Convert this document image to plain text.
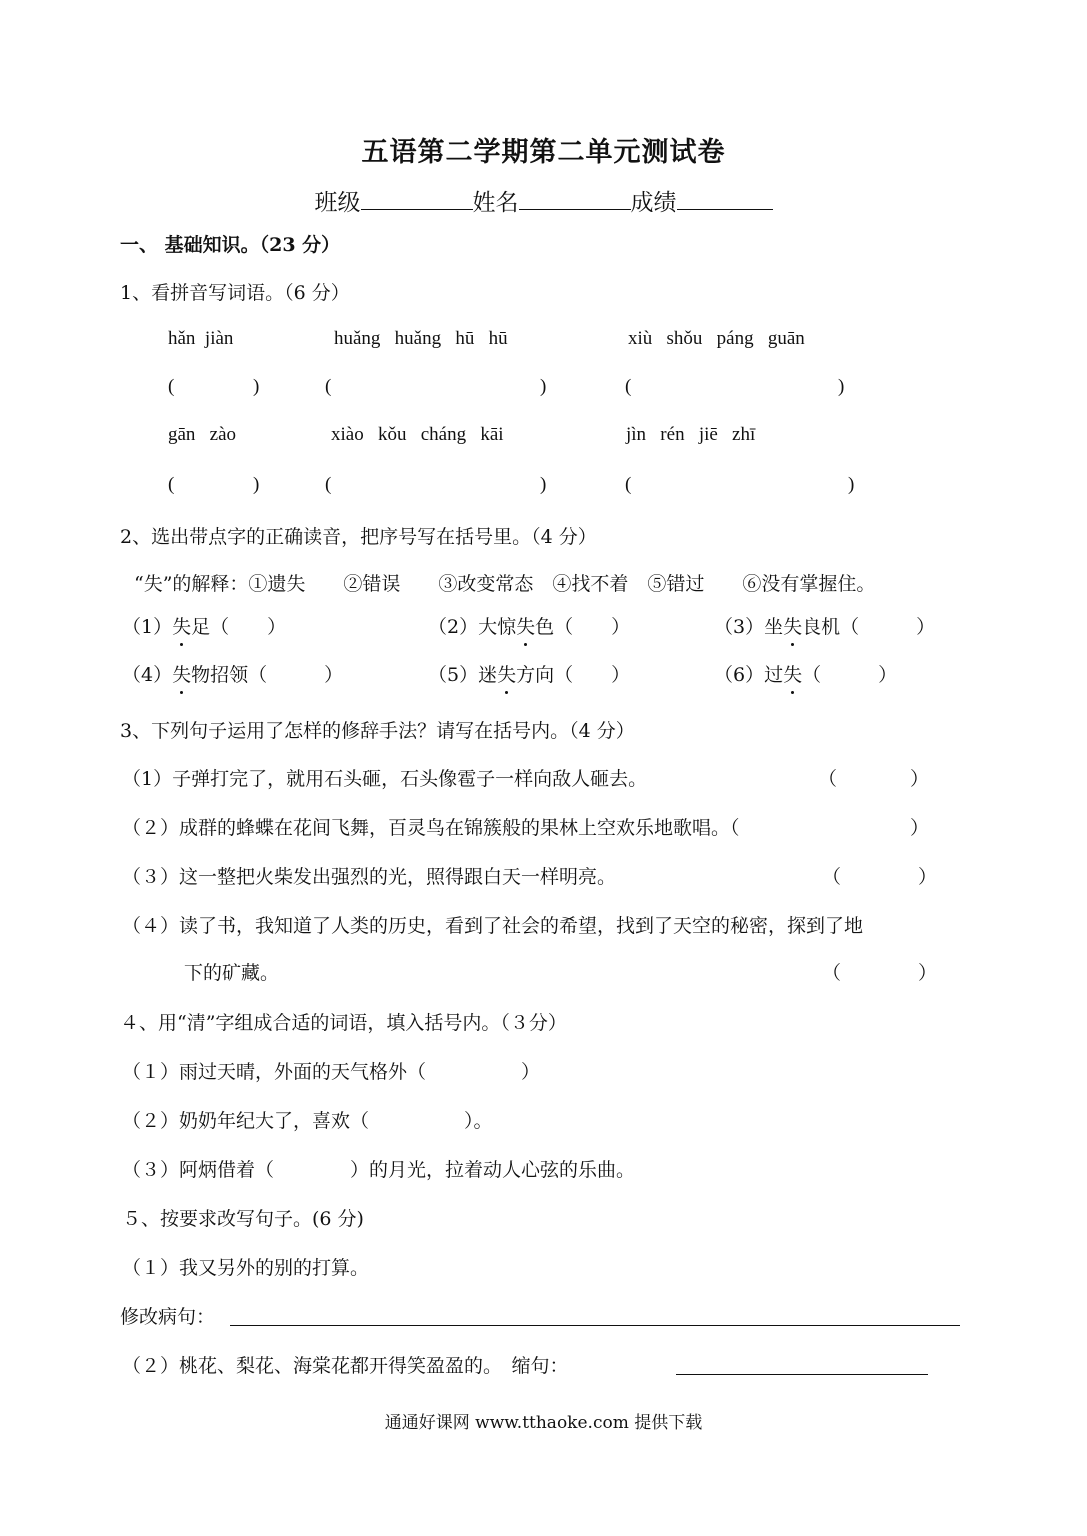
五语第二学期第二单元测试卷
班级	姓名	成绩
一、 基础知识。（23 分）
1、看拼音写词语。（6 分）
hǎn  jiàn	huǎng   huǎng   hū   hū	xiù   shǒu   páng   guān
(	)	(	)	(	)
gān   zào	xiào   kǒu   cháng   kāi	jìn   rén   jiē   zhī
(	)	(	)	(	)
2、选出带点字的正确读音，把序号写在括号里。（4 分）
“失”的解释：①遗失　　②错误　　③改变常态　④找不着　⑤错过　　⑥没有掌握住。
（1）失足（　　）	（2）大惊失色（　　）	（3）坐失良机（　　　）
（4）失物招领（　　　）	（5）迷失方向（　　）	（6）过失（　　　）
3、下列句子运用了怎样的修辞手法？请写在括号内。（4 分）
（1）子弹打完了，就用石头砸，石头像雹子一样向敌人砸去。	（	）
（２）成群的蜂蝶在花间飞舞，百灵鸟在锦簇般的果林上空欢乐地歌唱。（	）
（３）这一整把火柴发出强烈的光，照得跟白天一样明亮。	（	）
（４）读了书，我知道了人类的历史，看到了社会的希望，找到了天空的秘密，探到了地
下的矿藏。	（	）
４、用“清”字组成合适的词语，填入括号内。（３分）
（１）雨过天晴，外面的天气格外（　　　　　）
（２）奶奶年纪大了，喜欢（　　　　　）。
（３）阿炳借着（　　　　）的月光，拉着动人心弦的乐曲。
５、按要求改写句子。(6 分)
（１）我又另外的别的打算。
修改病句：
（２）桃花、梨花、海棠花都开得笑盈盈的。　缩句：
通通好课网 www.tthaoke.com 提供下载
